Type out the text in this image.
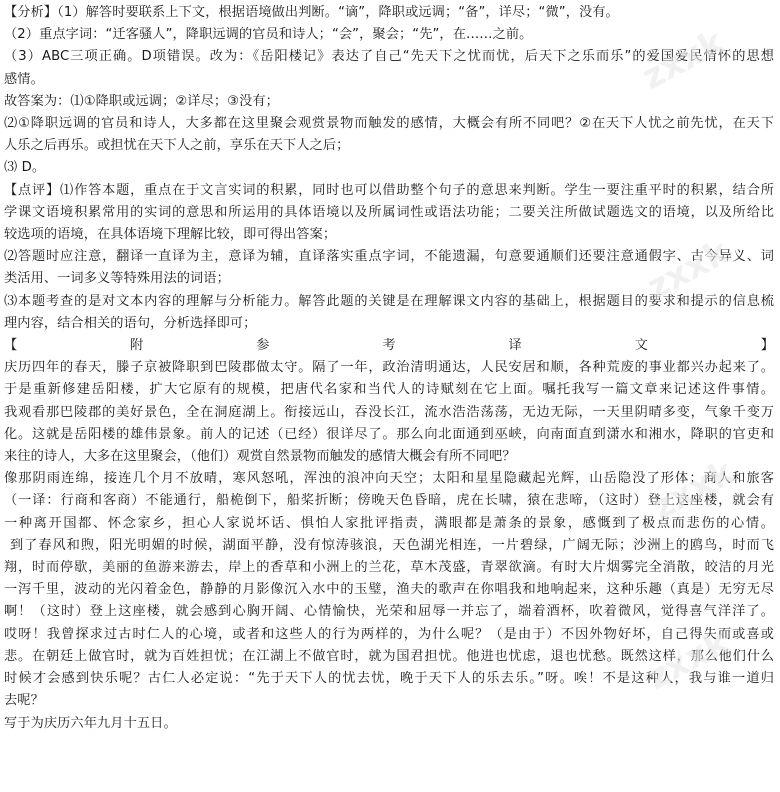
【分析】（1）解答时要联系上下文，根据语境做出判断。“谪”，降职或远调；“备”，详尽；“微”，没有。
（2）重点字词：“迁客骚人”，降职远调的官员和诗人；“会”，聚会；“先”，在……之前。
（3）ABC三项正确。D项错误。改为：《岳阳楼记》表达了自己“先天下之忧而忧，后天下之乐而乐”的爱国爱民情怀的思想
感情。
故答案为：⑴①降职或远调；②详尽；③没有；
⑵①降职远调的官员和诗人，大多都在这里聚会观赏景物而触发的感情，大概会有所不同吧？②在天下人忧之前先忧，在天下
人乐之后再乐。或担忧在天下人之前，享乐在天下人之后；
⑶ D。
【点评】⑴作答本题，重点在于文言实词的积累，同时也可以借助整个句子的意思来判断。学生一要注重平时的积累，结合所
学课文语境积累常用的实词的意思和所运用的具体语境以及所属词性或语法功能；二要关注所做试题选文的语境，以及所给比
较选项的语境，在具体语境下理解比较，即可得出答案；
⑵答题时应注意，翻译一直译为主，意译为辅，直译落实重点字词，不能遗漏，句意要通顺们还要注意通假字、古今异义、词
类活用、一词多义等特殊用法的词语；
⑶本题考查的是对文本内容的理解与分析能力。解答此题的关键是在理解课文内容的基础上，根据题目的要求和提示的信息梳
理内容，结合相关的语句，分析选择即可；
【附参考译文】
庆历四年的春天，滕子京被降职到巴陵郡做太守。隔了一年，政治清明通达，人民安居和顺，各种荒废的事业都兴办起来了。
于是重新修建岳阳楼，扩大它原有的规模，把唐代名家和当代人的诗赋刻在它上面。嘱托我写一篇文章来记述这件事情。
我观看那巴陵郡的美好景色，全在洞庭湖上。衔接远山，吞没长江，流水浩浩荡荡，无边无际，一天里阴晴多变，气象千变万
化。这就是岳阳楼的雄伟景象。前人的记述（已经）很详尽了。那么向北面通到巫峡，向南面直到潇水和湘水，降职的官吏和
来往的诗人，大多在这里聚会，（他们）观赏自然景物而触发的感情大概会有所不同吧？
像那阴雨连绵，接连几个月不放晴，寒风怒吼，浑浊的浪冲向天空；太阳和星星隐藏起光辉，山岳隐没了形体；商人和旅客
（一译：行商和客商）不能通行，船桅倒下，船桨折断；傍晚天色昏暗，虎在长啸，猿在悲啼，（这时）登上这座楼，就会有
一种离开国都、怀念家乡，担心人家说坏话、惧怕人家批评指责，满眼都是萧条的景象，感慨到了极点而悲伤的心情。
到了春风和煦，阳光明媚的时候，湖面平静，没有惊涛骇浪，天色湖光相连，一片碧绿，广阔无际；沙洲上的鸥鸟，时而飞
翔，时而停歇，美丽的鱼游来游去，岸上的香草和小洲上的兰花，草木茂盛，青翠欲滴。有时大片烟雾完全消散，皎洁的月光
一泻千里，波动的光闪着金色，静静的月影像沉入水中的玉璧，渔夫的歌声在你唱我和地响起来，这种乐趣（真是）无穷无尽
啊！（这时）登上这座楼，就会感到心胸开阔、心情愉快，光荣和屈辱一并忘了，端着酒杯，吹着微风，觉得喜气洋洋了。
哎呀！我曾探求过古时仁人的心境，或者和这些人的行为两样的，为什么呢？（是由于）不因外物好坏，自己得失而或喜或
悲。在朝廷上做官时，就为百姓担忧；在江湖上不做官时，就为国君担忧。他进也忧虑，退也忧愁。既然这样，那么他们什么
时候才会感到快乐呢？古仁人必定说：“先于天下人的忧去忧，晚于天下人的乐去乐。”呀。唉！不是这种人，我与谁一道归
去呢？
写于为庆历六年九月十五日。
zxxk
zxxk
zxxk
zxxk
